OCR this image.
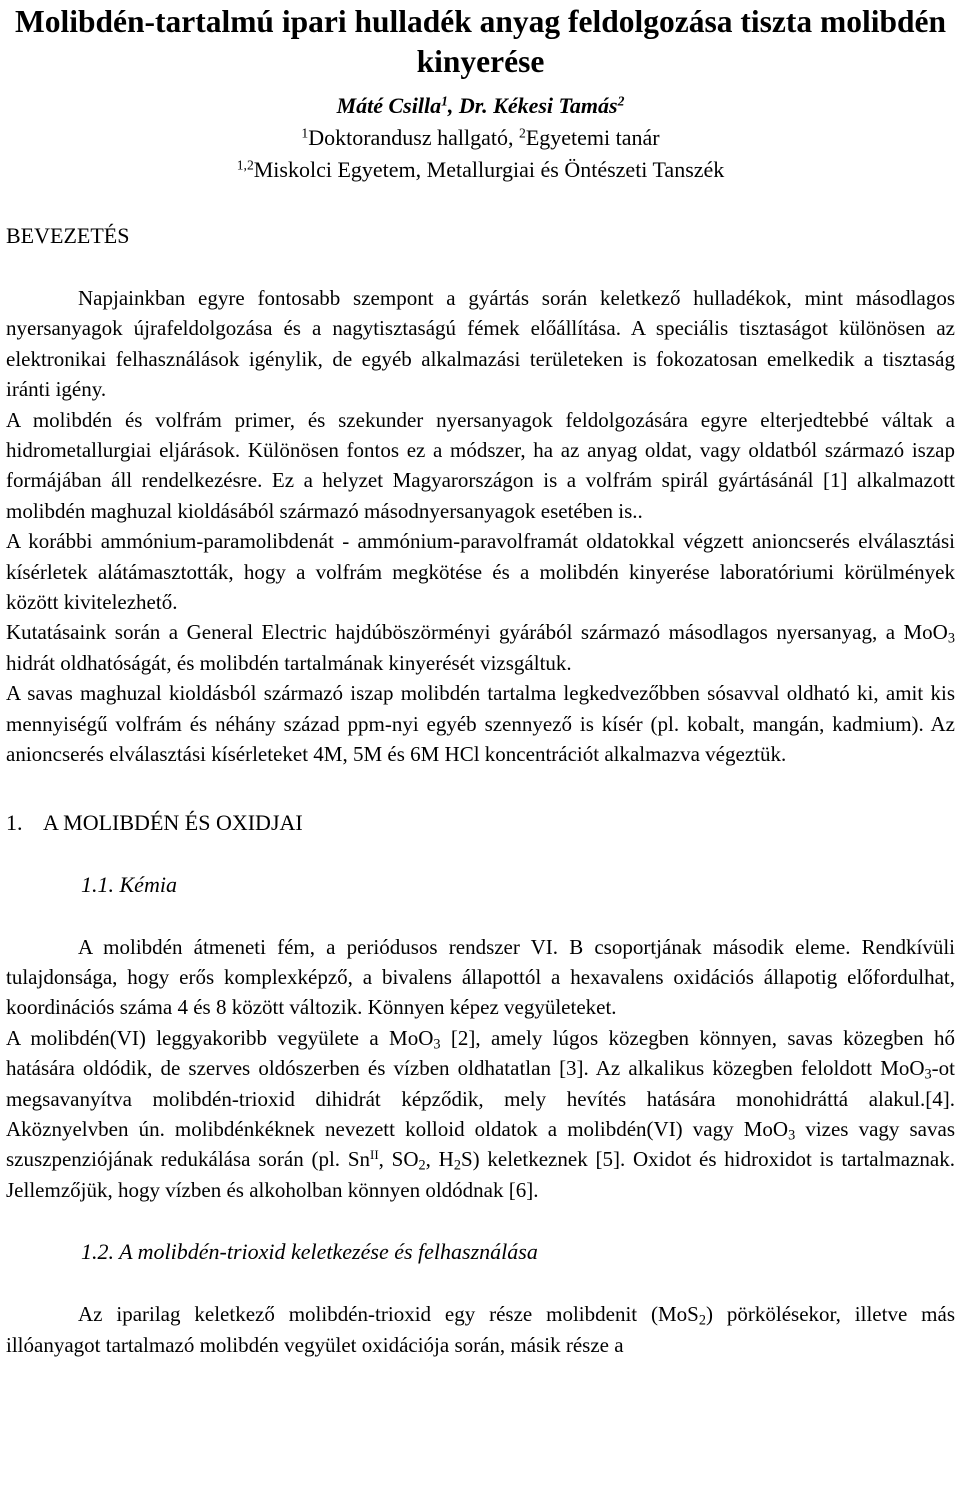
Molibdén-tartalmú ipari hulladék anyag feldolgozása tiszta molibdén kinyerése
Máté Csilla$^1$, Dr. Kékesi Tamás$^2$
$^1$Doktorandusz hallgató, $^2$Egyetemi tanár
$^{1,2}$Miskolci Egyetem, Metallurgiai és Öntészeti Tanszék
BEVEZETÉS

Napjainkban egyre fontosabb szempont a gyártás során keletkező hulladékok, mint másodlagos nyersanyagok újrafeldolgozása és a nagytisztaságú fémek előállítása. A speciális tisztaságot különösen az elektronikai felhasználások igénylik, de egyéb alkalmazási területeken is fokozatosan emelkedik a tisztaság iránti igény.

A molibdén és volfrám primer, és szekunder nyersanyagok feldolgozására egyre elterjedtebbé váltak a hidrometallurgiai eljárások. Különösen fontos ez a módszer, ha az anyag oldat, vagy oldatból származó iszap formájában áll rendelkezésre. Ez a helyzet Magyarországon is a volfrám spirál gyártásánál [1] alkalmazott molibdén maghuzal kioldásából származó másodnyersanyagok esetében is..

A korábbi ammónium-paramolibdenát - ammónium-paravolframát oldatokkal végzett anioncserés elválasztási kísérletek alátámasztották, hogy a volfrám megkötése és a molibdén kinyerése laboratóriumi körülmények között kivitelezhető.

Kutatásaink során a General Electric hajdúböszörményi gyárából származó másodlagos nyersanyag, a MoO$_3$ hidrát oldhatóságát, és molibdén tartalmának kinyerését vizsgáltuk.

A savas maghuzal kioldásból származó iszap molibdén tartalma legkedvezőbben sósavval oldható ki, amit kis mennyiségű volfrám és néhány század ppm-nyi egyéb szennyező is kísér (pl. kobalt, mangán, kadmium). Az anioncserés elválasztási kísérleteket 4M, 5M és 6M HCl koncentrációt alkalmazva végeztük.

1. A MOLIBDÉN ÉS OXIDJAI
1.1. Kémia

A molibdén átmeneti fém, a periódusos rendszer VI. B csoportjának második eleme. Rendkívüli tulajdonsága, hogy erős komplexképző, a bivalens állapottól a hexavalens oxidációs állapotig előfordulhat, koordinációs száma 4 és 8 között változik. Könnyen képez vegyületeket.

A molibdén(VI) leggyakoribb vegyülete a MoO$_3$ [2], amely lúgos közegben könnyen, savas közegben hő hatására oldódik, de szerves oldószerben és vízben oldhatatlan [3]. Az alkalikus közegben feloldott MoO$_3$-ot megsavanyítva molibdén-trioxid dihidrát képződik, mely hevítés hatására monohidráttá alakul.[4]. Aköznyelvben ún. molibdénkéknek nevezett kolloid oldatok a molibdén(VI) vagy MoO$_3$ vizes vagy savas szuszpenziójának redukálása során (pl. $Sn^{II}$, $SO_2$, $H_2S$) keletkeznek [5]. Oxidot és hidroxidot is tartalmaznak. Jellemzőjük, hogy vízben és alkoholban könnyen oldódnak [6].

1.2. A molibdén-trioxid keletkezése és felhasználása

Az iparilag keletkező molibdén-trioxid egy része molibdenit (MoS$_2$) pörkölésekor, illetve más illóanyagot tartalmazó molibdén vegyület oxidációja során, másik része a
